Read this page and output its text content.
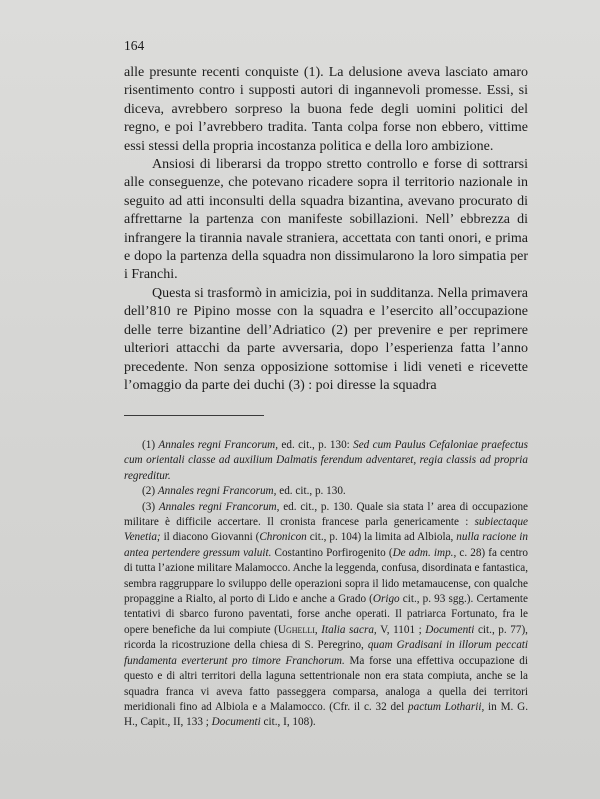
164

alle presunte recenti conquiste (1). La delusione aveva lasciato amaro risentimento contro i supposti autori di ingannevoli promesse. Essi, si diceva, avrebbero sorpreso la buona fede degli uomini politici del regno, e poi l’avrebbero tradita. Tanta colpa forse non ebbero, vittime essi stessi della propria incostanza politica e della loro ambizione.

Ansiosi di liberarsi da troppo stretto controllo e forse di sottrarsi alle conseguenze, che potevano ricadere sopra il territorio nazionale in seguito ad atti inconsulti della squadra bizantina, avevano procurato di affrettarne la partenza con manifeste sobillazioni. Nell’ ebbrezza di infrangere la tirannia navale straniera, accettata con tanti onori, e prima e dopo la partenza della squadra non dissimularono la loro simpatia per i Franchi.

Questa si trasformò in amicizia, poi in sudditanza. Nella primavera dell’810 re Pipino mosse con la squadra e l’esercito all’occupazione delle terre bizantine dell’Adriatico (2) per prevenire e per reprimere ulteriori attacchi da parte avversaria, dopo l’esperienza fatta l’anno precedente. Non senza opposizione sottomise i lidi veneti e ricevette l’omaggio da parte dei duchi (3) : poi diresse la squadra

(1) Annales regni Francorum, ed. cit., p. 130: Sed cum Paulus Cefaloniae praefectus cum orientali classe ad auxilium Dalmatis ferendum adventaret, regia classis ad propria regreditur.

(2) Annales regni Francorum, ed. cit., p. 130.

(3) Annales regni Francorum, ed. cit., p. 130. Quale sia stata l’ area di occupazione militare è difficile accertare. Il cronista francese parla genericamente : subiectaque Venetia; il diacono Giovanni (Chronicon cit., p. 104) la limita ad Albiola, nulla racione in antea pertendere gressum valuit. Costantino Porfirogenito (De adm. imp., c. 28) fa centro di tutta l’azione militare Malamocco. Anche la leggenda, confusa, disordinata e fantastica, sembra raggruppare lo sviluppo delle operazioni sopra il lido metamaucense, con qualche propaggine a Rialto, al porto di Lido e anche a Grado (Origo cit., p. 93 sgg.). Certamente tentativi di sbarco furono paventati, forse anche operati. Il patriarca Fortunato, fra le opere benefiche da lui compiute (Ughelli, Italia sacra, V, 1101 ; Documenti cit., p. 77), ricorda la ricostruzione della chiesa di S. Peregrino, quam Gradisani in illorum peccati fundamenta everterunt pro timore Franchorum. Ma forse una effettiva occupazione di questo e di altri territori della laguna settentrionale non era stata compiuta, anche se la squadra franca vi aveva fatto passeggera comparsa, analoga a quella dei territori meridionali fino ad Albiola e a Malamocco. (Cfr. il c. 32 del pactum Lotharii, in M. G. H., Capit., II, 133 ; Documenti cit., I, 108).
